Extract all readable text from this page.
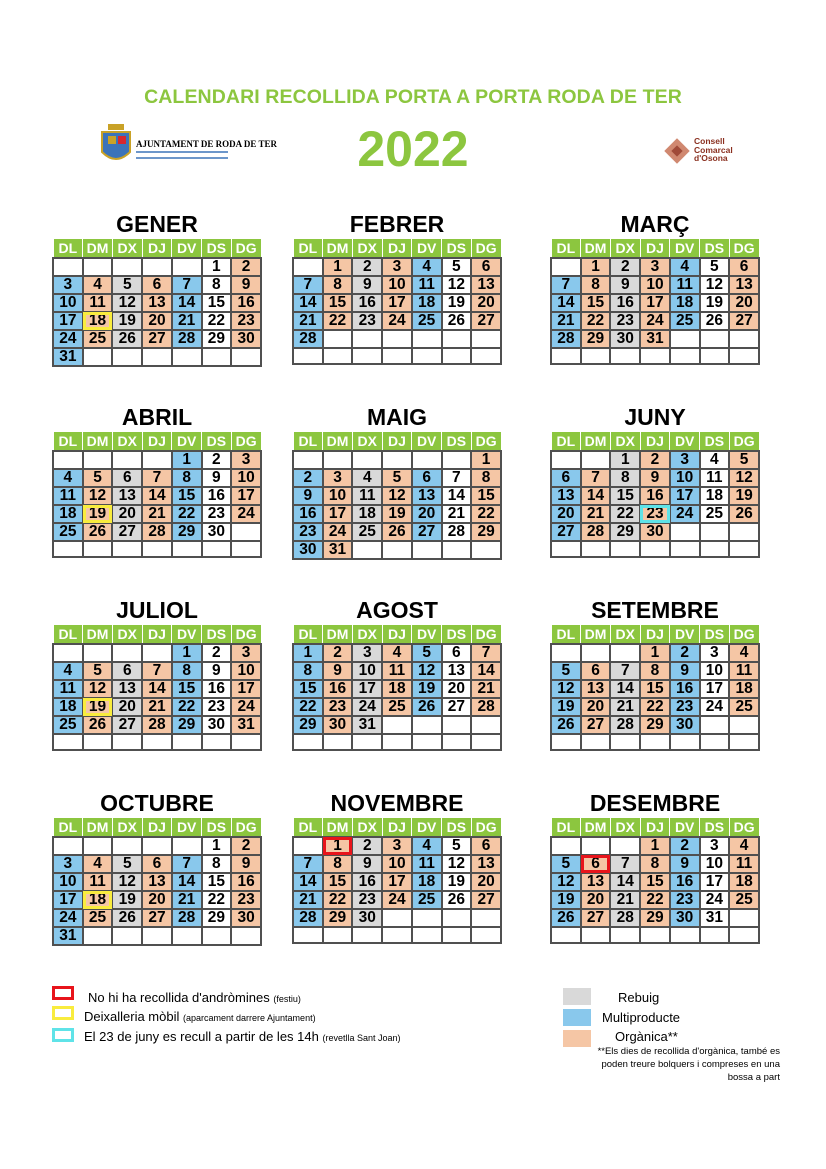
CALENDARI RECOLLIDA PORTA A PORTA RODA DE TER
2022
AJUNTAMENT DE RODA DE TER	Consell
Comarcal
d'Osona
GENER
DL	DM	DX	DJ	DV	DS	DG
					1	2
3	4	5	6	7	8	9
10	11	12	13	14	15	16
17	18	19	20	21	22	23
24	25	26	27	28	29	30
31						
FEBRER
DL	DM	DX	DJ	DV	DS	DG
	1	2	3	4	5	6
7	8	9	10	11	12	13
14	15	16	17	18	19	20
21	22	23	24	25	26	27
28						

MARÇ
DL	DM	DX	DJ	DV	DS	DG
	1	2	3	4	5	6
7	8	9	10	11	12	13
14	15	16	17	18	19	20
21	22	23	24	25	26	27
28	29	30	31			

ABRIL
DL	DM	DX	DJ	DV	DS	DG
				1	2	3
4	5	6	7	8	9	10
11	12	13	14	15	16	17
18	19	20	21	22	23	24
25	26	27	28	29	30	

MAIG
DL	DM	DX	DJ	DV	DS	DG
						1
2	3	4	5	6	7	8
9	10	11	12	13	14	15
16	17	18	19	20	21	22
23	24	25	26	27	28	29
30	31					
JUNY
DL	DM	DX	DJ	DV	DS	DG
		1	2	3	4	5
6	7	8	9	10	11	12
13	14	15	16	17	18	19
20	21	22	23	24	25	26
27	28	29	30			

JULIOL
DL	DM	DX	DJ	DV	DS	DG
				1	2	3
4	5	6	7	8	9	10
11	12	13	14	15	16	17
18	19	20	21	22	23	24
25	26	27	28	29	30	31

AGOST
DL	DM	DX	DJ	DV	DS	DG
1	2	3	4	5	6	7
8	9	10	11	12	13	14
15	16	17	18	19	20	21
22	23	24	25	26	27	28
29	30	31				

SETEMBRE
DL	DM	DX	DJ	DV	DS	DG
			1	2	3	4
5	6	7	8	9	10	11
12	13	14	15	16	17	18
19	20	21	22	23	24	25
26	27	28	29	30		

OCTUBRE
DL	DM	DX	DJ	DV	DS	DG
					1	2
3	4	5	6	7	8	9
10	11	12	13	14	15	16
17	18	19	20	21	22	23
24	25	26	27	28	29	30
31						
NOVEMBRE
DL	DM	DX	DJ	DV	DS	DG
	1	2	3	4	5	6
7	8	9	10	11	12	13
14	15	16	17	18	19	20
21	22	23	24	25	26	27
28	29	30				

DESEMBRE
DL	DM	DX	DJ	DV	DS	DG
			1	2	3	4
5	6	7	8	9	10	11
12	13	14	15	16	17	18
19	20	21	22	23	24	25
26	27	28	29	30	31	

No hi ha recollida d'andròmines (festiu)
Deixalleria mòbil (aparcament darrere Ajuntament)
El 23 de juny es recull a partir de les 14h (revetlla Sant Joan)
Rebuig
Multiproducte
Orgànica**
**Els dies de recollida d'orgànica, també es poden treure bolquers i compreses en una bossa a part
